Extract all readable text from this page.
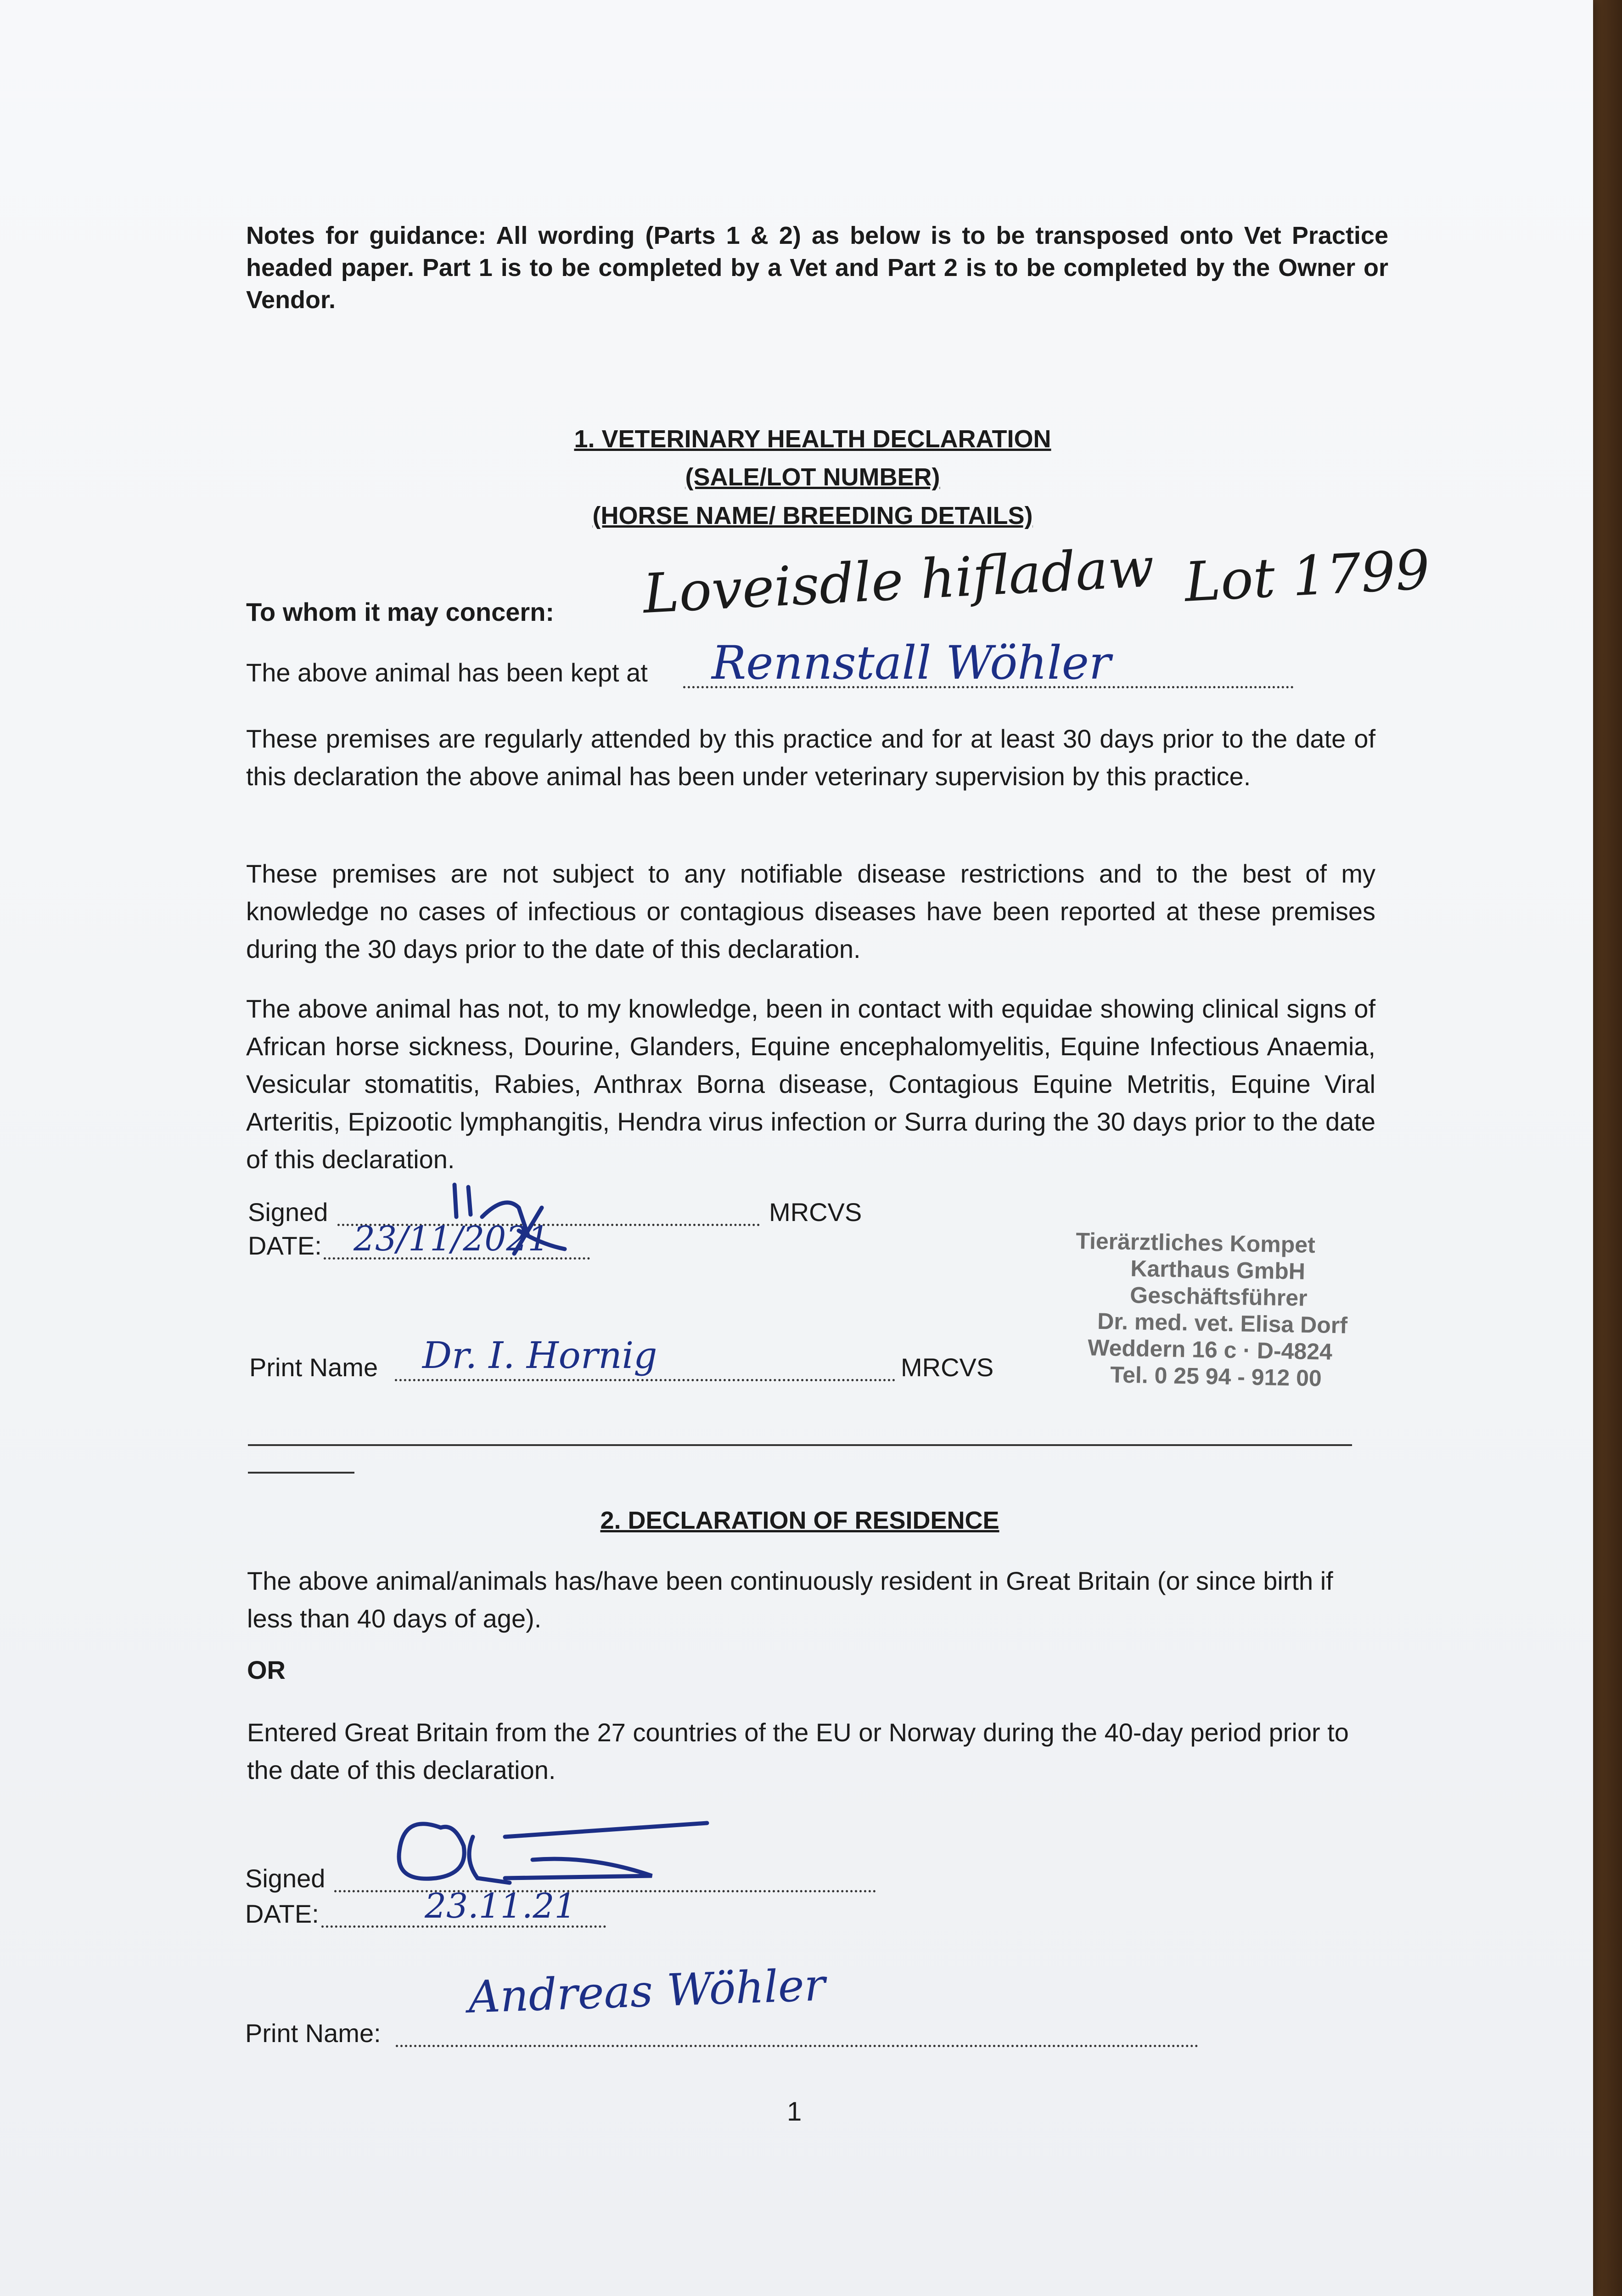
Notes for guidance: All wording (Parts 1 & 2) as below is to be transposed onto Vet Practice headed paper. Part 1 is to be completed by a Vet and Part 2 is to be completed by the Owner or Vendor.
1. VETERINARY HEALTH DECLARATION
(SALE/LOT NUMBER)
(HORSE NAME/ BREEDING DETAILS)
Loveisdle hifladaw Lot 1799
To whom it may concern:
The above animal has been kept at Rennstall Wöhler
These premises are regularly attended by this practice and for at least 30 days prior to the date of this declaration the above animal has been under veterinary supervision by this practice.
These premises are not subject to any notifiable disease restrictions and to the best of my knowledge no cases of infectious or contagious diseases have been reported at these premises during the 30 days prior to the date of this declaration.
The above animal has not, to my knowledge, been in contact with equidae showing clinical signs of African horse sickness, Dourine, Glanders, Equine encephalomyelitis, Equine Infectious Anaemia, Vesicular stomatitis, Rabies, Anthrax Borna disease, Contagious Equine Metritis, Equine Viral Arteritis, Epizootic lymphangitis, Hendra virus infection or Surra during the 30 days prior to the date of this declaration.
Signed	MRCVS
DATE: 23/11/2021
Print Name	MRCVS
Dr. I. Hornig
Tierärztliches Kompet
Karthaus GmbH
Geschäftsführer
Dr. med. vet. Elisa Dorf
Weddern 16 c · D-4824
Tel. 0 25 94 - 912 00
2. DECLARATION OF RESIDENCE
The above animal/animals has/have been continuously resident in Great Britain (or since birth if less than 40 days of age).
OR
Entered Great Britain from the 27 countries of the EU or Norway during the 40-day period prior to the date of this declaration.
Signed
DATE:	23.11.21
Andreas Wöhler
Print Name:
1
